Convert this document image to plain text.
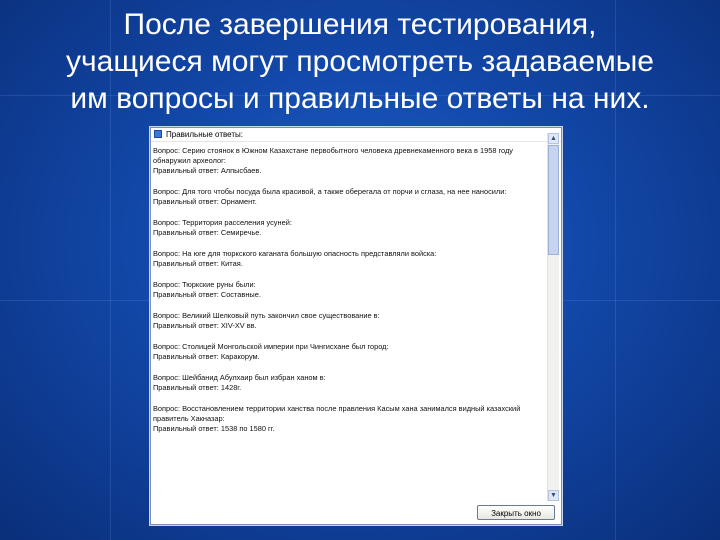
После завершения тестирования,
учащиеся могут просмотреть задаваемые
им вопросы и правильные ответы на них.
Правильные ответы:
Вопрос: Серию стоянок в Южном Казахстане первобытного человека древнекаменного века в 1958 году обнаружил археолог:
Правильный ответ: Алпысбаев.
Вопрос: Для того чтобы посуда была красивой, а также оберегала от порчи и сглаза, на нее наносили:
Правильный ответ: Орнамент.
Вопрос: Территория расселения усуней:
Правильный ответ: Семиречье.
Вопрос: На юге для тюркского каганата большую опасность представляли войска:
Правильный ответ: Китая.
Вопрос: Тюркские руны были:
Правильный ответ: Составные.
Вопрос: Великий Шелковый путь закончил свое существование в:
Правильный ответ: XIV-XV вв.
Вопрос: Столицей Монгольской империи при Чингисхане был город:
Правильный ответ: Каракорум.
Вопрос: Шейбанид Абулхаир был избран ханом в:
Правильный ответ: 1428г.
Вопрос: Восстановлением территории ханства после правления Касым хана занимался видный казахский правитель Хакназар:
Правильный ответ: 1538 по 1580 гг.
▲
▼
Закрыть окно
